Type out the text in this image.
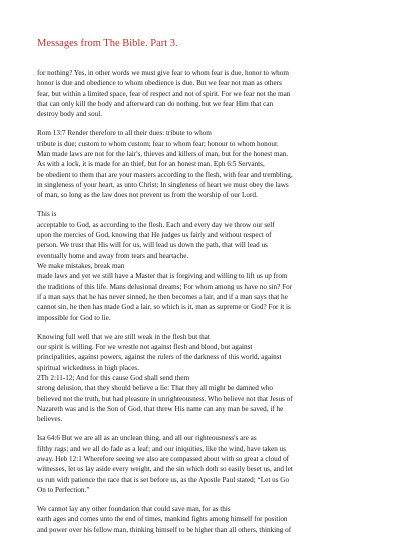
Messages from The Bible. Part 3.

for nothing? Yes, in other words we must give fear to whom fear is due, honor to whom
honor is due and obedience to whom obedience is due. But we fear not man as others
fear, but within a limited space, fear of respect and not of spirit. For we fear not the man
that can only kill the body and afterward can do nothing, but we fear Him that can
destroy body and soul.

Rom 13:7 Render therefore to all their dues: tribute to whom
tribute is due; custom to whom custom; fear to whom fear; honour to whom honour.
Man made laws are not for the lair's, thieves and killers of man, but for the honest man.
As with a lock, it is made for an thief, but for an honest man. Eph 6:5 Servants,
be obedient to them that are your masters according to the flesh, with fear and trembling,
in singleness of your heart, as unto Christ; In singleness of heart we must obey the laws
of man, so long as the law does not prevent us from the worship of our Lord.

This is
acceptable to God, as according to the flesh. Each and every day we throw our self
upon the mercies of God, knowing that He judges us fairly and without respect of
person. We trust that His will for us, will lead us down the path, that will lead us
eventually home and away from tears and heartache.
We make mistakes, break man
made laws and yet we still have a Master that is forgiving and willing to lift us up from
the traditions of this life. Mans delusional dreams; For whom among us have no sin? For
if a man says that he has never sinned, he then becomes a lair, and if a man says that he
cannot sin, he then has made God a lair, so which is it, man as supreme or God? For it is
impossible for God to lie.

Knowing full well that we are still weak in the flesh but that
our spirit is willing. For we wrestle not against flesh and blood, but against
principalities, against powers, against the rulers of the darkness of this world, against
spiritual wickedness in high places.
2Th 2:11-12; And for this cause God shall send them
strong delusion, that they should believe a lie: That they all might be damned who
believed not the truth, but had pleasure in unrighteousness. Who believe not that Jesus of
Nazareth was and is the Son of God, that threw His name can any man be saved, if he
believes.

Isa 64:6 But we are all as an unclean thing, and all our righteousness's are as
filthy rags; and we all do fade as a leaf; and our iniquities, like the wind, have taken us
away. Heb 12:1 Wherefore seeing we also are compassed about with so great a cloud of
witnesses, let us lay aside every weight, and the sin which doth so easily beset us, and let
us run with patience the race that is set before us, as the Apostle Paul stated; “Let us Go
On to Perfection.”

We cannot lay any other foundation that could save man, for as this
earth ages and comes unto the end of times, mankind fights among himself for position
and power over his fellow man, thinking himself to be higher than all others, thinking of
